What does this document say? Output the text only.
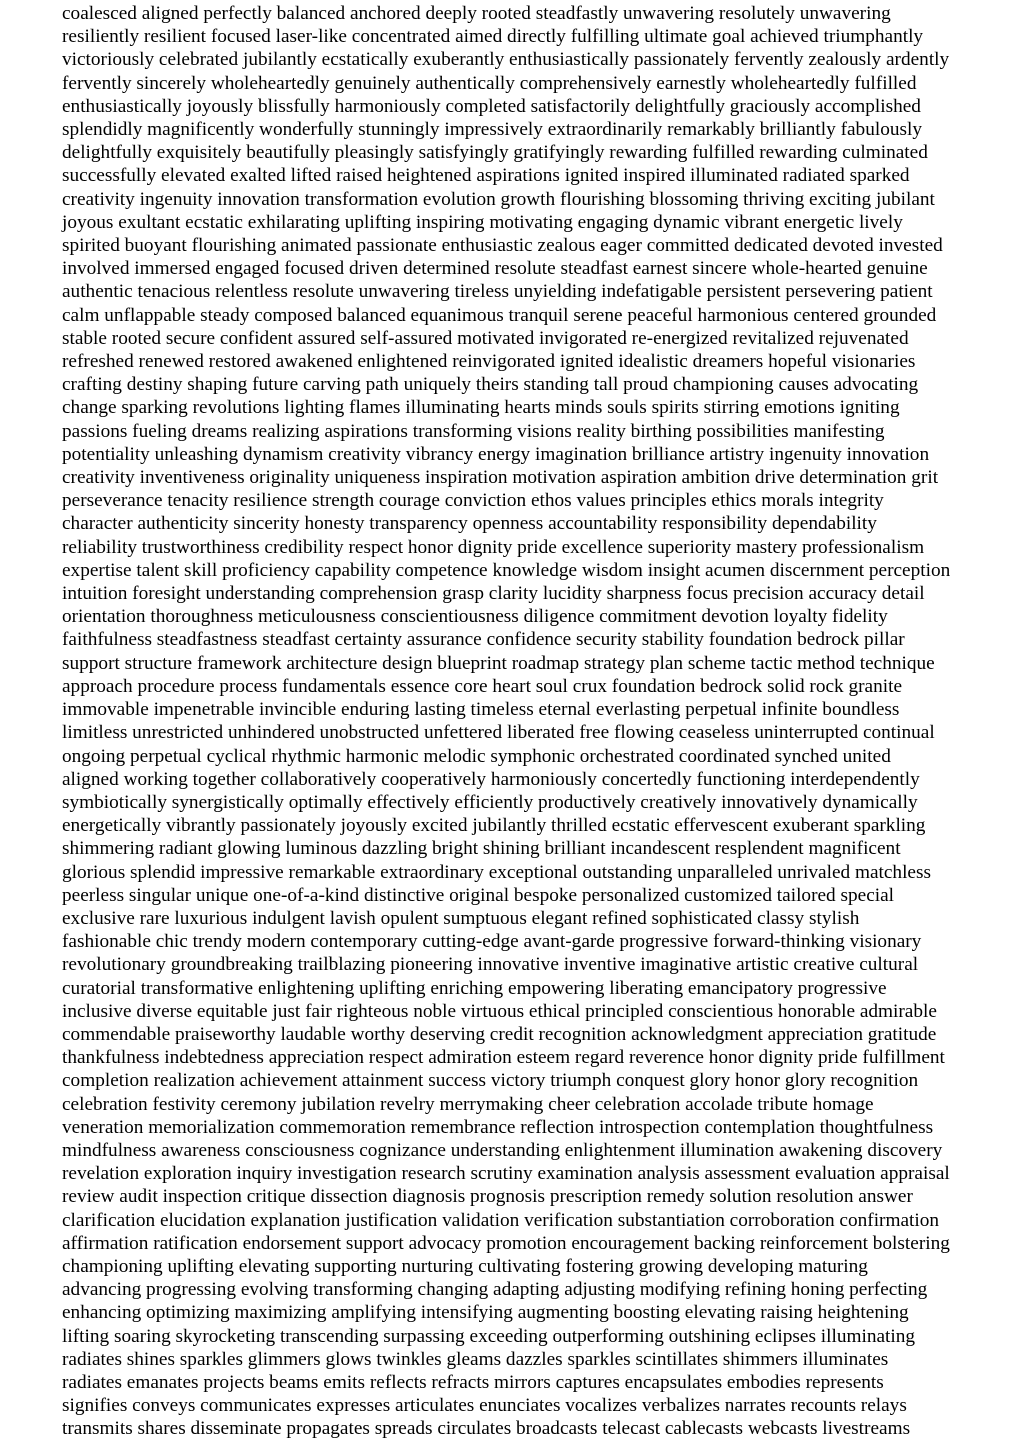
coalesced aligned perfectly balanced anchored deeply rooted steadfastly unwavering resolutely unwavering
resiliently resilient focused laser-like concentrated aimed directly fulfilling ultimate goal achieved triumphantly
victoriously celebrated jubilantly ecstatically exuberantly enthusiastically passionately fervently zealously ardently
fervently sincerely wholeheartedly genuinely authentically comprehensively earnestly wholeheartedly fulfilled
enthusiastically joyously blissfully harmoniously completed satisfactorily delightfully graciously accomplished
splendidly magnificently wonderfully stunningly impressively extraordinarily remarkably brilliantly fabulously
delightfully exquisitely beautifully pleasingly satisfyingly gratifyingly rewarding fulfilled rewarding culminated
successfully elevated exalted lifted raised heightened aspirations ignited inspired illuminated radiated sparked
creativity ingenuity innovation transformation evolution growth flourishing blossoming thriving exciting jubilant
joyous exultant ecstatic exhilarating uplifting inspiring motivating engaging dynamic vibrant energetic lively
spirited buoyant flourishing animated passionate enthusiastic zealous eager committed dedicated devoted invested
involved immersed engaged focused driven determined resolute steadfast earnest sincere whole-hearted genuine
authentic tenacious relentless resolute unwavering tireless unyielding indefatigable persistent persevering patient
calm unflappable steady composed balanced equanimous tranquil serene peaceful harmonious centered grounded
stable rooted secure confident assured self-assured motivated invigorated re-energized revitalized rejuvenated
refreshed renewed restored awakened enlightened reinvigorated ignited idealistic dreamers hopeful visionaries
crafting destiny shaping future carving path uniquely theirs standing tall proud championing causes advocating
change sparking revolutions lighting flames illuminating hearts minds souls spirits stirring emotions igniting
passions fueling dreams realizing aspirations transforming visions reality birthing possibilities manifesting
potentiality unleashing dynamism creativity vibrancy energy imagination brilliance artistry ingenuity innovation
creativity inventiveness originality uniqueness inspiration motivation aspiration ambition drive determination grit
perseverance tenacity resilience strength courage conviction ethos values principles ethics morals integrity
character authenticity sincerity honesty transparency openness accountability responsibility dependability
reliability trustworthiness credibility respect honor dignity pride excellence superiority mastery professionalism
expertise talent skill proficiency capability competence knowledge wisdom insight acumen discernment perception
intuition foresight understanding comprehension grasp clarity lucidity sharpness focus precision accuracy detail
orientation thoroughness meticulousness conscientiousness diligence commitment devotion loyalty fidelity
faithfulness steadfastness steadfast certainty assurance confidence security stability foundation bedrock pillar
support structure framework architecture design blueprint roadmap strategy plan scheme tactic method technique
approach procedure process fundamentals essence core heart soul crux foundation bedrock solid rock granite
immovable impenetrable invincible enduring lasting timeless eternal everlasting perpetual infinite boundless
limitless unrestricted unhindered unobstructed unfettered liberated free flowing ceaseless uninterrupted continual
ongoing perpetual cyclical rhythmic harmonic melodic symphonic orchestrated coordinated synched united
aligned working together collaboratively cooperatively harmoniously concertedly functioning interdependently
symbiotically synergistically optimally effectively efficiently productively creatively innovatively dynamically
energetically vibrantly passionately joyously excited jubilantly thrilled ecstatic effervescent exuberant sparkling
shimmering radiant glowing luminous dazzling bright shining brilliant incandescent resplendent magnificent
glorious splendid impressive remarkable extraordinary exceptional outstanding unparalleled unrivaled matchless
peerless singular unique one-of-a-kind distinctive original bespoke personalized customized tailored special
exclusive rare luxurious indulgent lavish opulent sumptuous elegant refined sophisticated classy stylish
fashionable chic trendy modern contemporary cutting-edge avant-garde progressive forward-thinking visionary
revolutionary groundbreaking trailblazing pioneering innovative inventive imaginative artistic creative cultural
curatorial transformative enlightening uplifting enriching empowering liberating emancipatory progressive
inclusive diverse equitable just fair righteous noble virtuous ethical principled conscientious honorable admirable
commendable praiseworthy laudable worthy deserving credit recognition acknowledgment appreciation gratitude
thankfulness indebtedness appreciation respect admiration esteem regard reverence honor dignity pride fulfillment
completion realization achievement attainment success victory triumph conquest glory honor glory recognition
celebration festivity ceremony jubilation revelry merrymaking cheer celebration accolade tribute homage
veneration memorialization commemoration remembrance reflection introspection contemplation thoughtfulness
mindfulness awareness consciousness cognizance understanding enlightenment illumination awakening discovery
revelation exploration inquiry investigation research scrutiny examination analysis assessment evaluation appraisal
review audit inspection critique dissection diagnosis prognosis prescription remedy solution resolution answer
clarification elucidation explanation justification validation verification substantiation corroboration confirmation
affirmation ratification endorsement support advocacy promotion encouragement backing reinforcement bolstering
championing uplifting elevating supporting nurturing cultivating fostering growing developing maturing
advancing progressing evolving transforming changing adapting adjusting modifying refining honing perfecting
enhancing optimizing maximizing amplifying intensifying augmenting boosting elevating raising heightening
lifting soaring skyrocketing transcending surpassing exceeding outperforming outshining eclipses illuminating
radiates shines sparkles glimmers glows twinkles gleams dazzles sparkles scintillates shimmers illuminates
radiates emanates projects beams emits reflects refracts mirrors captures encapsulates embodies represents
signifies conveys communicates expresses articulates enunciates vocalizes verbalizes narrates recounts relays
transmits shares disseminate propagates spreads circulates broadcasts telecast cablecasts webcasts livestreams
